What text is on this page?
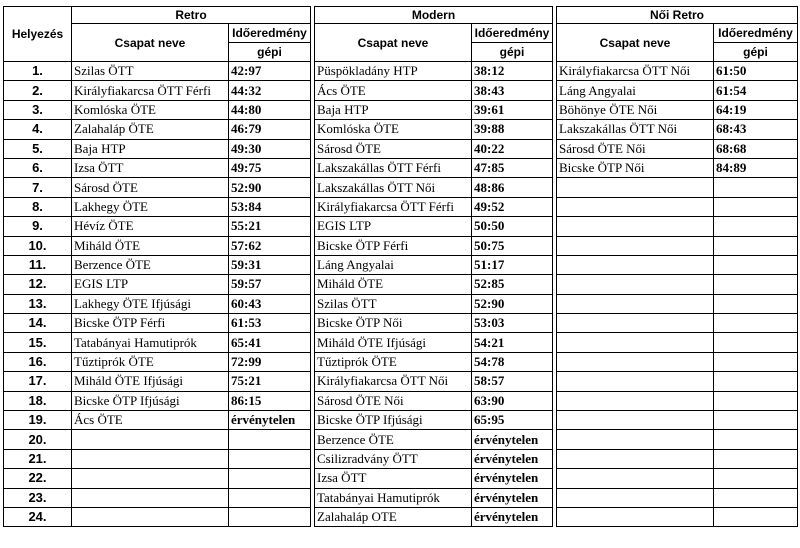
Helyezés	Retro			Modern			Női Retro	
	Csapat neve	Időeredmény		Csapat neve	Időeredmény		Csapat neve	Időeredmény
		gépi			gépi			gépi
1.	Szilas ÖTT	42:97		Püspökladány HTP	38:12		Királyfiakarcsa ÖTT Női	61:50
2.	Királyfiakarcsa ÖTT Férfi	44:32		Ács ÖTE	38:43		Láng Angyalai	61:54
3.	Komlóska ÖTE	44:80		Baja HTP	39:61		Böhönye ÖTE Női	64:19
4.	Zalahaláp ÖTE	46:79		Komlóska ÖTE	39:88		Lakszakállas ÖTT Női	68:43
5.	Baja HTP	49:30		Sárosd ÖTE	40:22		Sárosd ÖTE Női	68:68
6.	Izsa ÖTT	49:75		Lakszakállas ÖTT Férfi	47:85		Bicske ÖTP Női	84:89
7.	Sárosd ÖTE	52:90		Lakszakállas ÖTT Női	48:86			
8.	Lakhegy ÖTE	53:84		Királyfiakarcsa ÖTT Férfi	49:52			
9.	Hévíz ÖTE	55:21		EGIS LTP	50:50			
10.	Miháld ÖTE	57:62		Bicske ÖTP Férfi	50:75			
11.	Berzence ÖTE	59:31		Láng Angyalai	51:17			
12.	EGIS LTP	59:57		Miháld ÖTE	52:85			
13.	Lakhegy ÖTE Ifjúsági	60:43		Szilas ÖTT	52:90			
14.	Bicske ÖTP Férfi	61:53		Bicske ÖTP Női	53:03			
15.	Tatabányai Hamutiprók	65:41		Miháld ÖTE Ifjúsági	54:21			
16.	Tűztiprók ÖTE	72:99		Tűztiprók ÖTE	54:78			
17.	Miháld ÖTE Ifjúsági	75:21		Királyfiakarcsa ÖTT Női	58:57			
18.	Bicske ÖTP Ifjúsági	86:15		Sárosd ÖTE Női	63:90			
19.	Ács ÖTE	érvénytelen		Bicske ÖTP Ifjúsági	65:95			
20.				Berzence ÖTE	érvénytelen			
21.				Csilizradvány ÖTT	érvénytelen			
22.				Izsa ÖTT	érvénytelen			
23.				Tatabányai Hamutiprók	érvénytelen			
24.				Zalahaláp OTE	érvénytelen			
